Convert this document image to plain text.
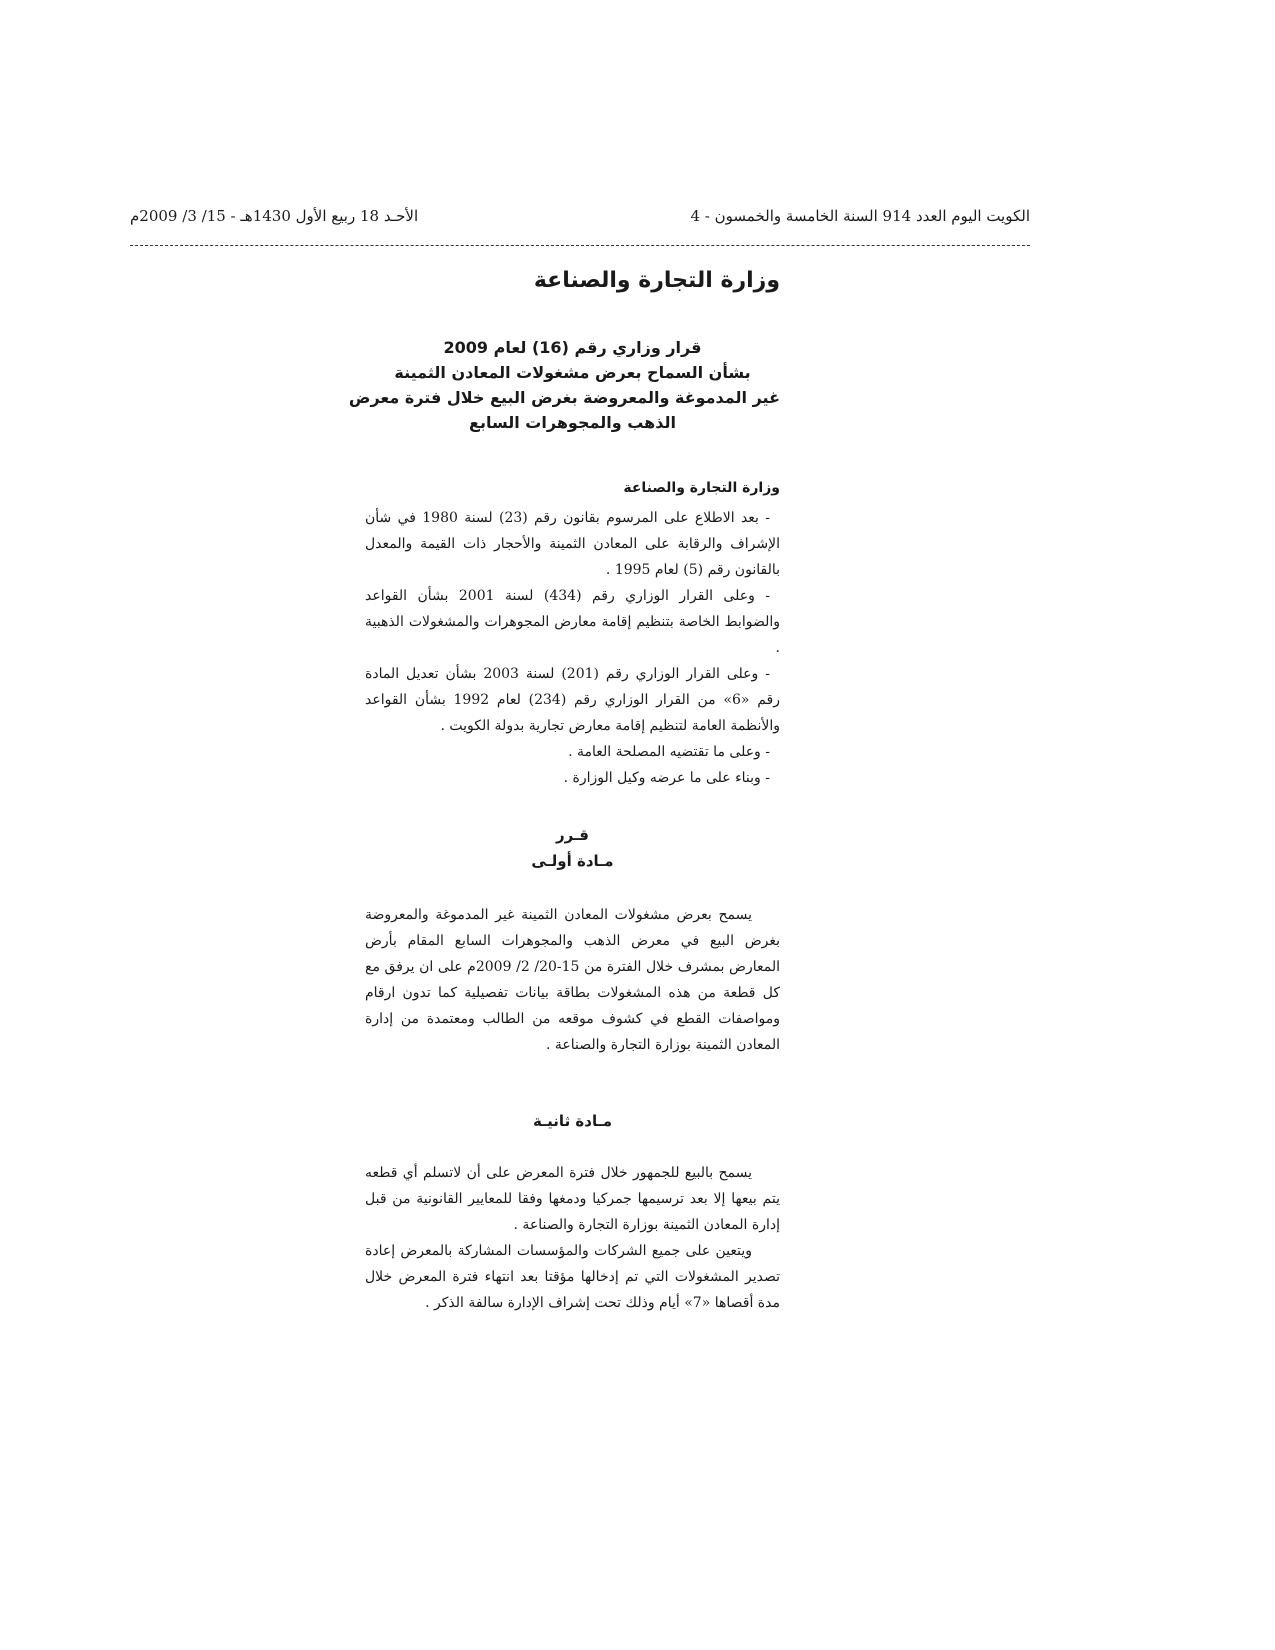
الكويت اليوم العدد 914 السنة الخامسة والخمسون - 4
الأحـد 18 ربيع الأول 1430هـ - 15/ 3/ 2009م
وزارة التجارة والصناعة
قرار وزاري رقم (16) لعام 2009
بشأن السماح بعرض مشغولات المعادن الثمينة
غير المدموغة والمعروضة بغرض البيع خلال فترة معرض
الذهب والمجوهرات السابع
وزارة التجارة والصناعة

- بعد الاطلاع على المرسوم بقانون رقم (23) لسنة 1980 في شأن الإشراف والرقابة على المعادن الثمينة والأحجار ذات القيمة والمعدل بالقانون رقم (5) لعام 1995 .

- وعلى القرار الوزاري رقم (434) لسنة 2001 بشأن القواعد والضوابط الخاصة بتنظيم إقامة معارض المجوهرات والمشغولات الذهبية .

- وعلى القرار الوزاري رقم (201) لسنة 2003 بشأن تعديل المادة رقم «6» من القرار الوزاري رقم (234) لعام 1992 بشأن القواعد والأنظمة العامة لتنظيم إقامة معارض تجارية بدولة الكويت .

- وعلى ما تقتضيه المصلحة العامة .

- وبناء على ما عرضه وكيل الوزارة .

قـرر
مـادة أولـى

يسمح بعرض مشغولات المعادن الثمينة غير المدموغة والمعروضة بغرض البيع في معرض الذهب والمجوهرات السابع المقام بأرض المعارض بمشرف خلال الفترة من 15-20/ 2/ 2009م على ان يرفق مع كل قطعة من هذه المشغولات بطاقة بيانات تفصيلية كما تدون ارقام ومواصفات القطع في كشوف موقعه من الطالب ومعتمدة من إدارة المعادن الثمينة بوزارة التجارة والصناعة .

مـادة ثانيـة

يسمح بالبيع للجمهور خلال فترة المعرض على أن لاتسلم أي قطعه يتم بيعها إلا بعد ترسيمها جمركيا ودمغها وفقا للمعايير القانونية من قبل إدارة المعادن الثمينة بوزارة التجارة والصناعة .

ويتعين على جميع الشركات والمؤسسات المشاركة بالمعرض إعادة تصدير المشغولات التي تم إدخالها مؤقتا بعد انتهاء فترة المعرض خلال مدة أقصاها «7» أيام وذلك تحت إشراف الإدارة سالفة الذكر .
